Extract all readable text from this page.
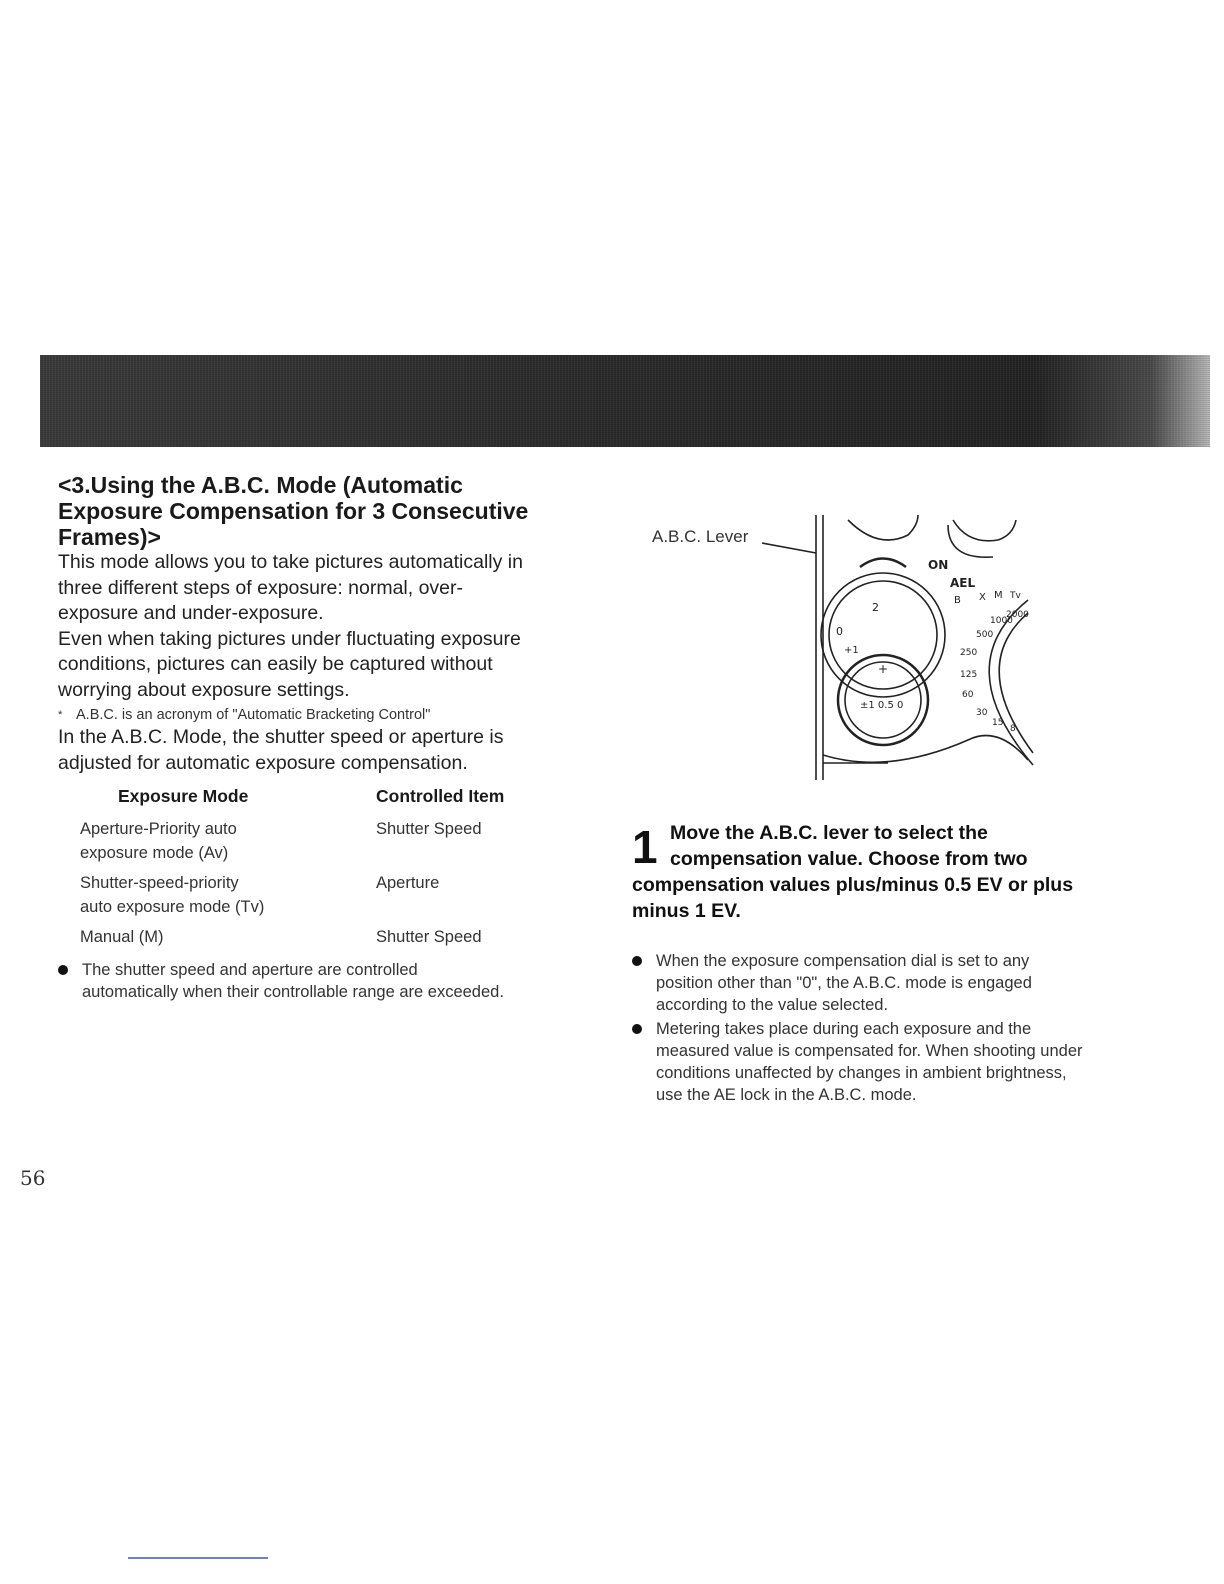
<3.Using the A.B.C. Mode (Automatic
Exposure Compensation for 3 Consecutive
Frames)>

This mode allows you to take pictures automatically in

three different steps of exposure: normal, over-

exposure and under-exposure.

Even when taking pictures under fluctuating exposure

conditions, pictures can easily be captured without

worrying about exposure settings.

* A.B.C. is an acronym of "Automatic Bracketing Control"

In the A.B.C. Mode, the shutter speed or aperture is

adjusted for automatic exposure compensation.

Exposure Mode	Controlled Item
Aperture-Priority auto
exposure mode (Av)	Shutter Speed
Shutter-speed-priority
auto exposure mode (Tv)	Aperture
Manual (M)	Shutter Speed
The shutter speed and aperture are controlled
automatically when their controllable range are exceeded.
A.B.C. Lever
ON
AEL
B X M Tv
2
0
+1
+
±1 0.5 0
2000
1000
500
250
125
60
30
15
8
1 Move the A.B.C. lever to select the
compensation value. Choose from two
compensation values plus/minus 0.5 EV or plus
minus 1 EV.
When the exposure compensation dial is set to any
position other than "0", the A.B.C. mode is engaged
according to the value selected.
Metering takes place during each exposure and the
measured value is compensated for. When shooting under
conditions unaffected by changes in ambient brightness,
use the AE lock in the A.B.C. mode.
56
